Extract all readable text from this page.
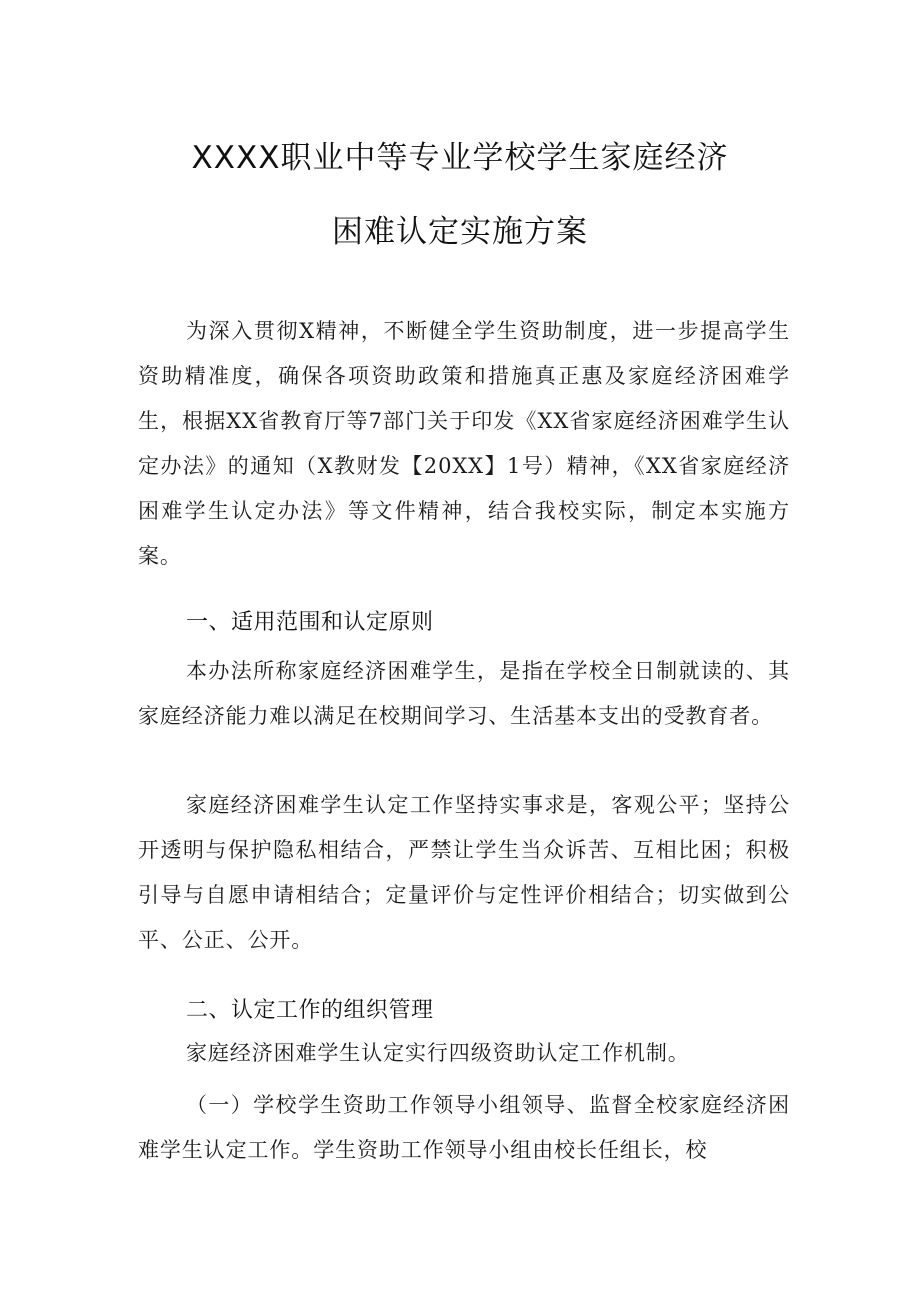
XXXX职业中等专业学校学生家庭经济
困难认定实施方案

为深入贯彻X精神，不断健全学生资助制度，进一步提高学生资助精准度，确保各项资助政策和措施真正惠及家庭经济困难学生，根据XX省教育厅等7部门关于印发《XX省家庭经济困难学生认定办法》的通知（X教财发【20XX】1号）精神，《XX省家庭经济困难学生认定办法》等文件精神，结合我校实际，制定本实施方案。

一、适用范围和认定原则

本办法所称家庭经济困难学生，是指在学校全日制就读的、其家庭经济能力难以满足在校期间学习、生活基本支出的受教育者。

家庭经济困难学生认定工作坚持实事求是，客观公平；坚持公开透明与保护隐私相结合，严禁让学生当众诉苦、互相比困；积极引导与自愿申请相结合；定量评价与定性评价相结合；切实做到公平、公正、公开。

二、认定工作的组织管理

家庭经济困难学生认定实行四级资助认定工作机制。

（一）学校学生资助工作领导小组领导、监督全校家庭经济困难学生认定工作。学生资助工作领导小组由校长任组长，校
